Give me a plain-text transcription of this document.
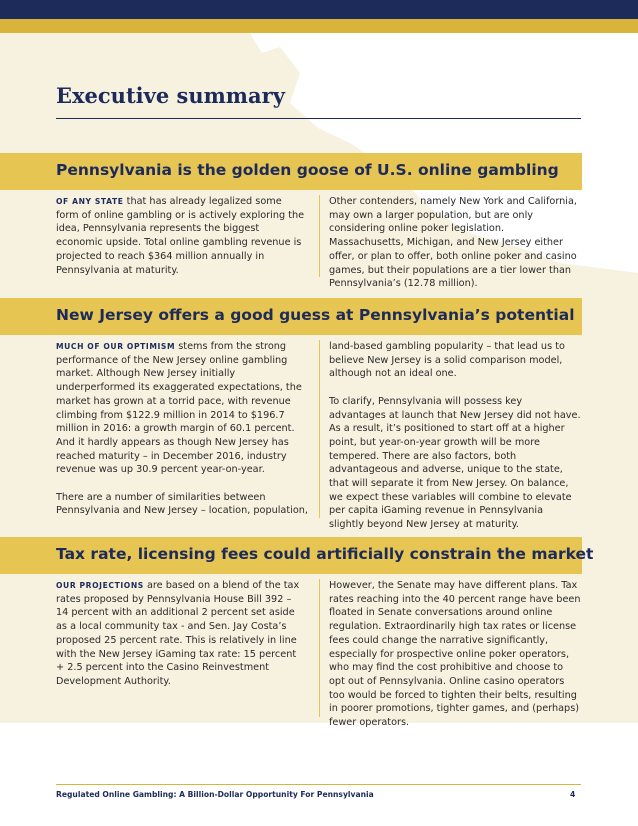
Executive summary
Pennsylvania is the golden goose of U.S. online gambling

OF ANY STATE that has already legalized some form of online gambling or is actively exploring the idea, Pennsylvania represents the biggest economic upside. Total online gambling revenue is projected to reach $364 million annually in Pennsylvania at maturity.

Other contenders, namely New York and California, may own a larger population, but are only considering online poker legislation. Massachusetts, Michigan, and New Jersey either offer, or plan to offer, both online poker and casino games, but their populations are a tier lower than Pennsylvania’s (12.78 million).

New Jersey offers a good guess at Pennsylvania’s potential

MUCH OF OUR OPTIMISM stems from the strong performance of the New Jersey online gambling market. Although New Jersey initially underperformed its exaggerated expectations, the market has grown at a torrid pace, with revenue climbing from $122.9 million in 2014 to $196.7 million in 2016: a growth margin of 60.1 percent. And it hardly appears as though New Jersey has reached maturity – in December 2016, industry revenue was up 30.9 percent year-on-year.

There are a number of similarities between Pennsylvania and New Jersey – location, population,

land-based gambling popularity – that lead us to believe New Jersey is a solid comparison model, although not an ideal one.

To clarify, Pennsylvania will possess key advantages at launch that New Jersey did not have. As a result, it’s positioned to start off at a higher point, but year-on-year growth will be more tempered. There are also factors, both advantageous and adverse, unique to the state, that will separate it from New Jersey. On balance, we expect these variables will combine to elevate per capita iGaming revenue in Pennsylvania slightly beyond New Jersey at maturity.

Tax rate, licensing fees could artificially constrain the market

OUR PROJECTIONS are based on a blend of the tax rates proposed by Pennsylvania House Bill 392 – 14 percent with an additional 2 percent set aside as a local community tax - and Sen. Jay Costa’s proposed 25 percent rate. This is relatively in line with the New Jersey iGaming tax rate: 15 percent + 2.5 percent into the Casino Reinvestment Development Authority.

However, the Senate may have different plans. Tax rates reaching into the 40 percent range have been floated in Senate conversations around online regulation. Extraordinarily high tax rates or license fees could change the narrative significantly, especially for prospective online poker operators, who may find the cost prohibitive and choose to opt out of Pennsylvania. Online casino operators too would be forced to tighten their belts, resulting in poorer promotions, tighter games, and (perhaps) fewer operators.

Regulated Online Gambling: A Billion-Dollar Opportunity For Pennsylvania	4
